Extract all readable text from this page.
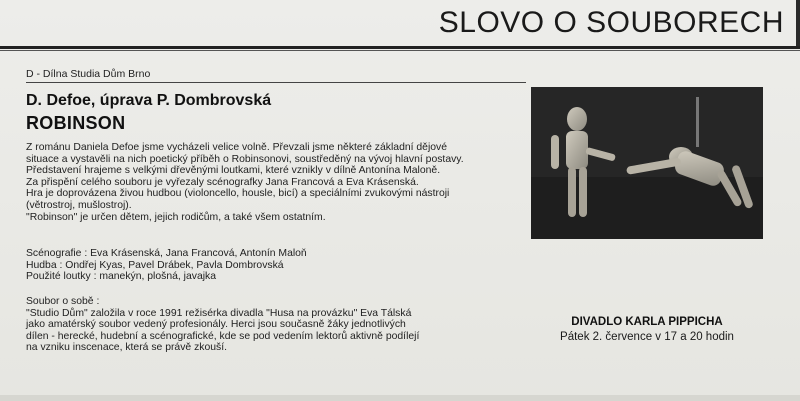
SLOVO O SOUBORECH
D - Dílna Studia Dům Brno
D. Defoe, úprava P. Dombrovská
ROBINSON
Z románu Daniela Defoe jsme vycházeli velice volně. Převzali jsme některé základní dějové
situace a vystavěli na nich poetický příběh o Robinsonovi, soustředěný na vývoj hlavní postavy.
Představení hrajeme s velkými dřevěnými loutkami, které vznikly v dílně Antonína Maloně.
Za přispění celého souboru je vyřezaly scénografky Jana Francová a Eva Krásenská.
Hra je doprovázena živou hudbou (violoncello, housle, bicí) a speciálními zvukovými nástroji
(větrostroj, mušlostroj).
"Robinson" je určen dětem, jejich rodičům, a také všem ostatním.
Scénografie : Eva Krásenská, Jana Francová, Antonín Maloň
Hudba : Ondřej Kyas, Pavel Drábek, Pavla Dombrovská
Použité loutky : manekýn, plošná, javajka
Soubor o sobě :
"Studio Dům" založila v roce 1991 režisérka divadla "Husa na provázku" Eva Tálská
jako amatérský soubor vedený profesionály. Herci jsou současně žáky jednotlivých
dílen - herecké, hudební a scénografické, kde se pod vedením lektorů aktivně podílejí
na vzniku inscenace, která se právě zkouší.
DIVADLO KARLA PIPPICHA
Pátek 2. července v 17 a 20 hodin
